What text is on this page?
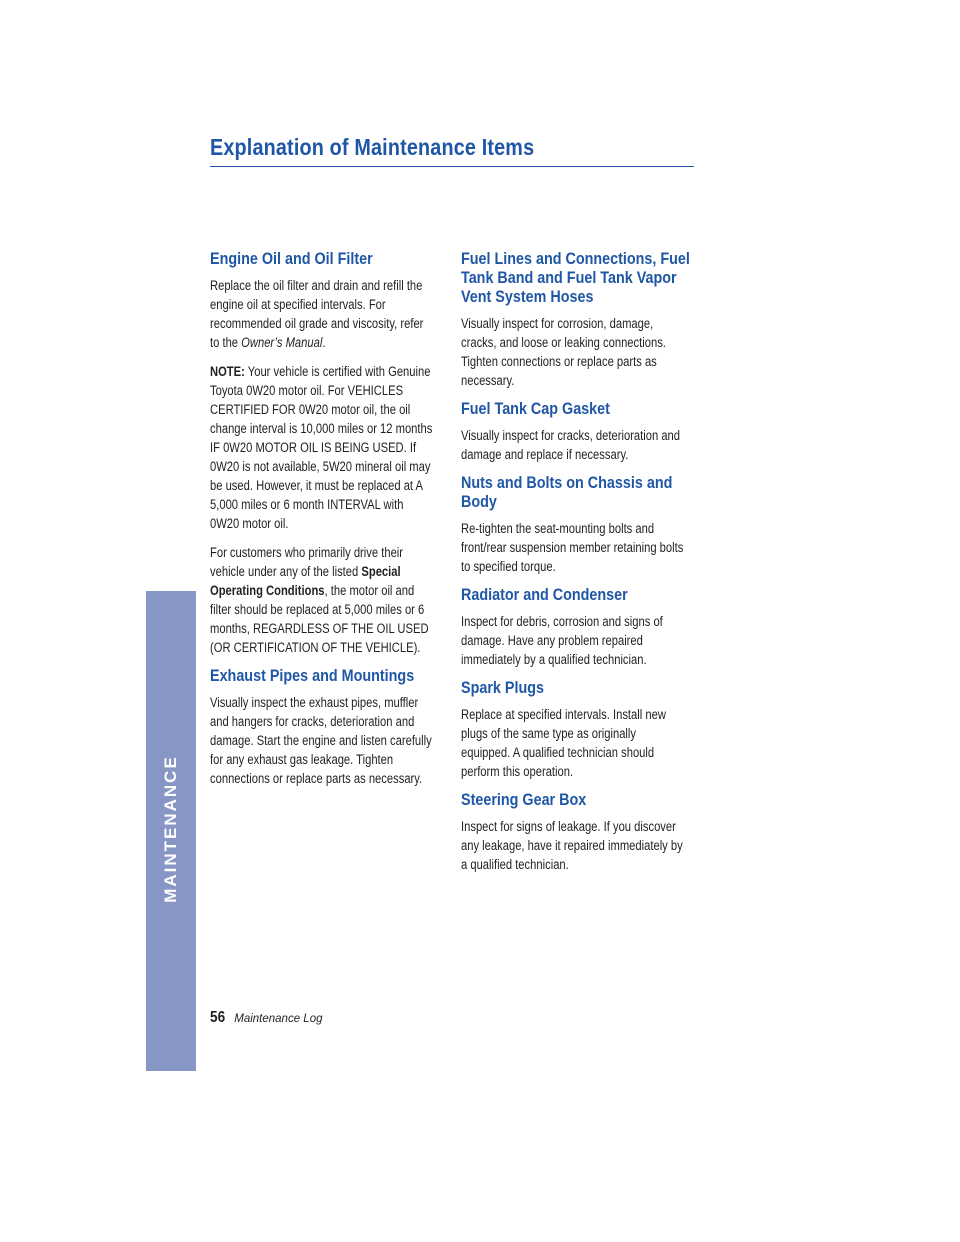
Explanation of Maintenance Items
MAINTENANCE
Engine Oil and Oil Filter

Replace the oil filter and drain and refill the engine oil at specified intervals. For recommended oil grade and viscosity, refer to the Owner’s Manual.

NOTE: Your vehicle is certified with Genuine Toyota 0W20 motor oil. For VEHICLES CERTIFIED FOR 0W20 motor oil, the oil change interval is 10,000 miles or 12 months IF 0W20 MOTOR OIL IS BEING USED. If 0W20 is not available, 5W20 mineral oil may be used. However, it must be replaced at A 5,000 miles or 6 month INTERVAL with 0W20 motor oil.

For customers who primarily drive their vehicle under any of the listed Special Operating Conditions, the motor oil and filter should be replaced at 5,000 miles or 6 months, REGARDLESS OF THE OIL USED (OR CERTIFICATION OF THE VEHICLE).

Exhaust Pipes and Mountings

Visually inspect the exhaust pipes, muffler and hangers for cracks, deterioration and damage. Start the engine and listen carefully for any exhaust gas leakage. Tighten connections or replace parts as necessary.

Fuel Lines and Connections, Fuel Tank Band and Fuel Tank Vapor Vent System Hoses

Visually inspect for corrosion, damage, cracks, and loose or leaking connections. Tighten connections or replace parts as necessary.

Fuel Tank Cap Gasket

Visually inspect for cracks, deterioration and damage and replace if necessary.

Nuts and Bolts on Chassis and Body

Re-tighten the seat-mounting bolts and front/rear suspension member retaining bolts to specified torque.

Radiator and Condenser

Inspect for debris, corrosion and signs of damage. Have any problem repaired immediately by a qualified technician.

Spark Plugs

Replace at specified intervals. Install new plugs of the same type as originally equipped. A qualified technician should perform this operation.

Steering Gear Box

Inspect for signs of leakage. If you discover any leakage, have it repaired immediately by a qualified technician.

56 Maintenance Log
